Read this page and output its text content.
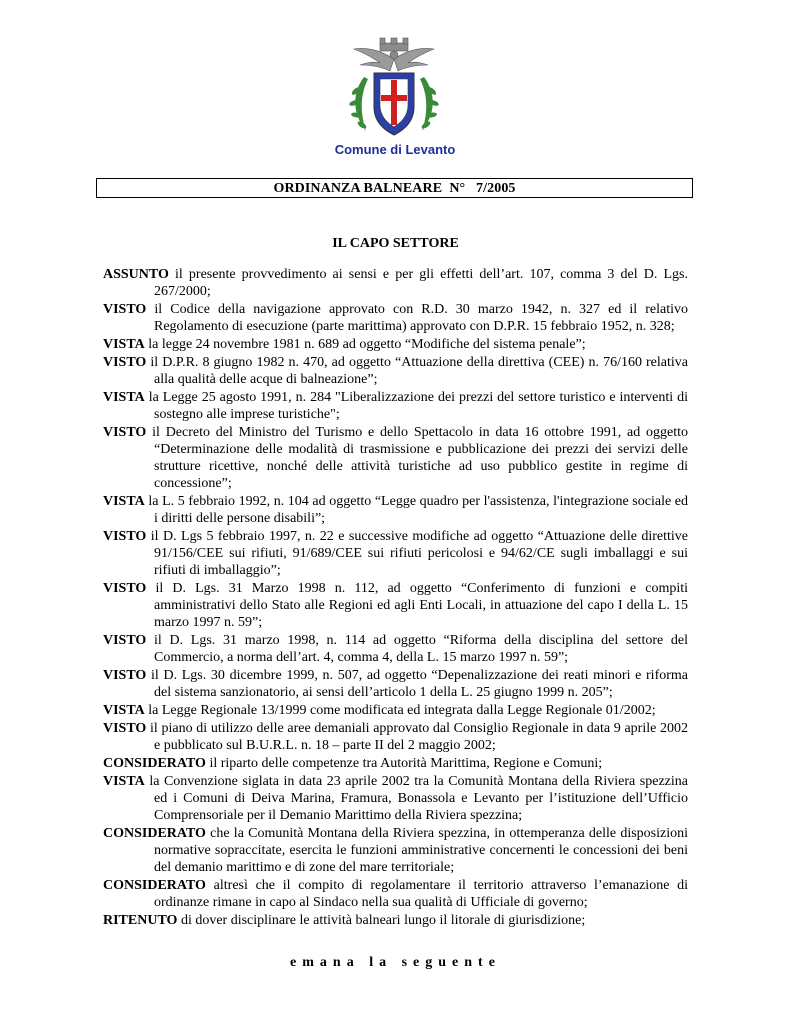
Comune di Levanto
ORDINANZA BALNEARE  N°   7/2005
IL CAPO SETTORE

ASSUNTO il presente provvedimento ai sensi e per gli effetti dell’art. 107, comma 3 del D. Lgs. 267/2000;

VISTO il Codice della navigazione approvato con R.D. 30 marzo 1942, n. 327 ed il relativo Regolamento di esecuzione (parte marittima) approvato con D.P.R. 15 febbraio 1952, n. 328;

VISTA la legge 24 novembre 1981 n. 689 ad oggetto “Modifiche del sistema penale”;

VISTO il D.P.R. 8 giugno 1982 n. 470, ad oggetto “Attuazione della direttiva (CEE) n. 76/160 relativa alla qualità delle acque di balneazione”;

VISTA la Legge 25 agosto 1991, n. 284 "Liberalizzazione dei prezzi del settore turistico e interventi di sostegno alle imprese turistiche";

VISTO il Decreto del Ministro del Turismo e dello Spettacolo in data 16 ottobre 1991, ad oggetto “Determinazione delle modalità di trasmissione e pubblicazione dei prezzi dei servizi delle strutture ricettive, nonché delle attività turistiche ad uso pubblico gestite in regime di concessione”;

VISTA la L. 5 febbraio 1992, n. 104 ad oggetto “Legge quadro per l'assistenza, l'integrazione sociale ed i diritti delle persone disabili”;

VISTO il D. Lgs 5 febbraio 1997, n. 22 e successive modifiche ad oggetto “Attuazione delle direttive 91/156/CEE sui rifiuti, 91/689/CEE sui rifiuti pericolosi e 94/62/CE sugli imballaggi e sui rifiuti di imballaggio”;

VISTO il D. Lgs. 31 Marzo 1998 n. 112, ad oggetto “Conferimento di funzioni e compiti amministrativi dello Stato alle Regioni ed agli Enti Locali, in attuazione del capo I della L. 15 marzo 1997 n. 59”;

VISTO il D. Lgs. 31 marzo 1998, n. 114 ad oggetto “Riforma della disciplina del settore del Commercio, a norma dell’art. 4, comma 4, della L. 15 marzo 1997 n. 59”;

VISTO il D. Lgs. 30 dicembre 1999, n. 507, ad oggetto “Depenalizzazione dei reati minori e riforma del sistema sanzionatorio, ai sensi dell’articolo 1 della L. 25 giugno 1999 n. 205”;

VISTA la Legge Regionale 13/1999 come modificata ed integrata dalla Legge Regionale 01/2002;

VISTO il piano di utilizzo delle aree demaniali approvato dal Consiglio Regionale in data 9 aprile 2002 e pubblicato sul B.U.R.L. n. 18 – parte II del 2 maggio 2002;

CONSIDERATO il riparto delle competenze tra Autorità Marittima, Regione e Comuni;

VISTA la Convenzione siglata in data 23 aprile 2002 tra la Comunità Montana della Riviera spezzina ed i Comuni di Deiva Marina, Framura, Bonassola e Levanto per l’istituzione dell’Ufficio Comprensoriale per il Demanio Marittimo della Riviera spezzina;

CONSIDERATO che la Comunità Montana della Riviera spezzina, in ottemperanza delle disposizioni normative sopraccitate, esercita le funzioni amministrative concernenti le concessioni dei beni del demanio marittimo e di zone del mare territoriale;

CONSIDERATO altresì che il compito di regolamentare il territorio attraverso l’emanazione di ordinanze rimane in capo al Sindaco nella sua qualità di Ufficiale di governo;

RITENUTO di dover disciplinare le attività balneari lungo il litorale di giurisdizione;

emana la seguente
